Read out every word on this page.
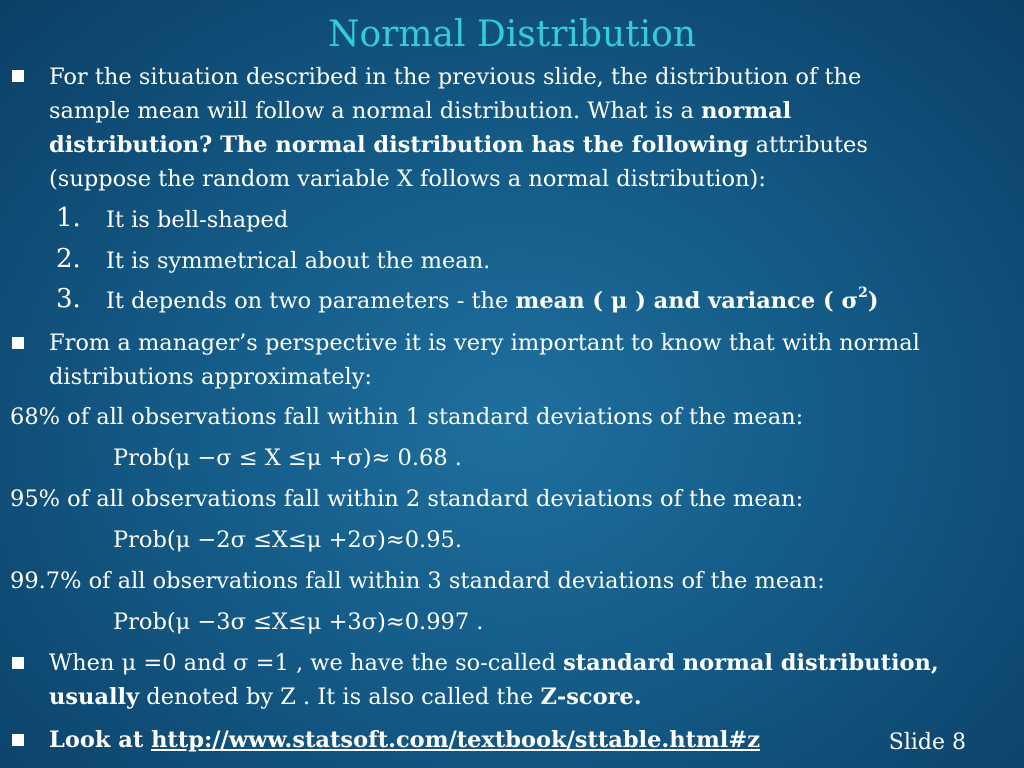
Normal Distribution
For the situation described in the previous slide, the distribution of the
sample mean will follow a normal distribution. What is a normal
distribution? The normal distribution has the following attributes
(suppose the random variable X follows a normal distribution):
1. It is bell-shaped
2. It is symmetrical about the mean.
3. It depends on two parameters - the mean ( μ ) and variance ( $\sigma^2$)
From a manager’s perspective it is very important to know that with normal
distributions approximately:
68% of all observations fall within 1 standard deviations of the mean:
Prob(μ −σ ≤ X ≤μ +σ)≈ 0.68 .
95% of all observations fall within 2 standard deviations of the mean:
Prob(μ −2σ ≤X≤μ +2σ)≈0.95.
99.7% of all observations fall within 3 standard deviations of the mean:
Prob(μ −3σ ≤X≤μ +3σ)≈0.997 .
When μ =0 and σ =1 , we have the so-called standard normal distribution,
usually denoted by Z . It is also called the Z-score.
Look at http://www.statsoft.com/textbook/sttable.html#z	Slide 8
